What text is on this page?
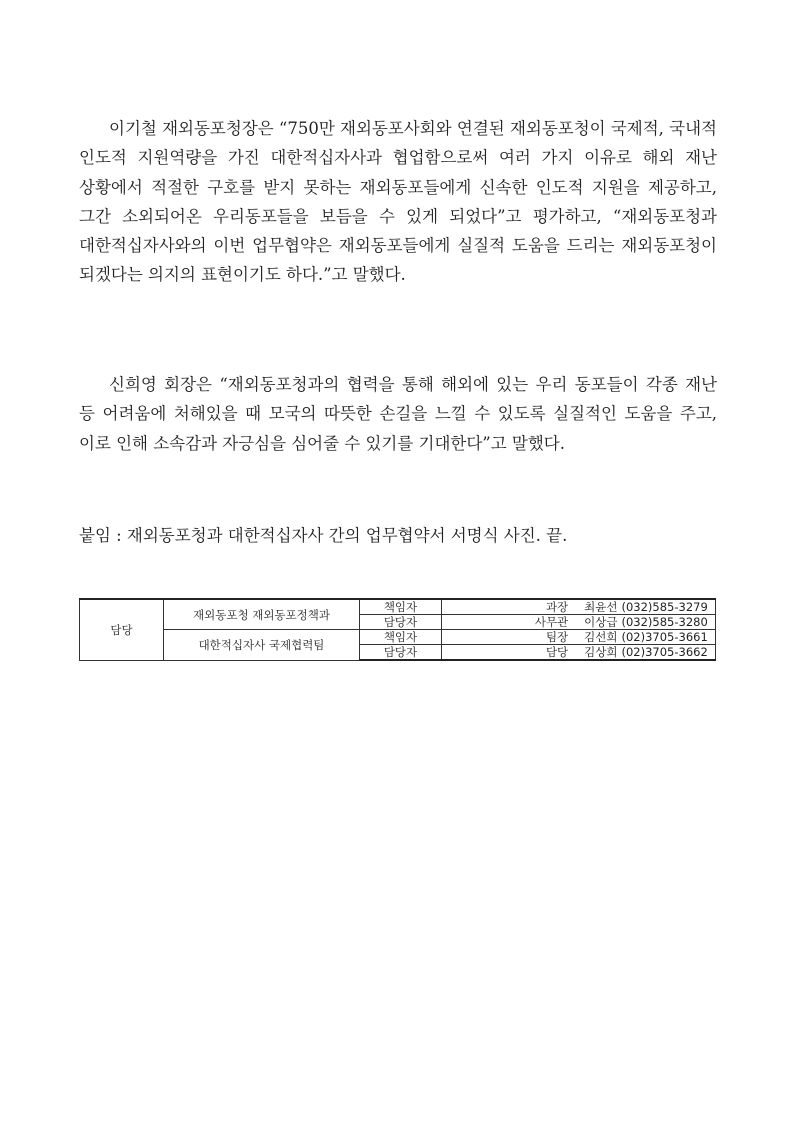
이기철 재외동포청장은 “750만 재외동포사회와 연결된 재외동포청이 국제적, 국내적 인도적 지원역량을 가진 대한적십자사과 협업함으로써 여러 가지 이유로 해외 재난 상황에서 적절한 구호를 받지 못하는 재외동포들에게 신속한 인도적 지원을 제공하고, 그간 소외되어온 우리동포들을 보듬을 수 있게 되었다”고 평가하고, “재외동포청과 대한적십자사와의 이번 업무협약은 재외동포들에게 실질적 도움을 드리는 재외동포청이 되겠다는 의지의 표현이기도 하다.”고 말했다.

신희영 회장은 “재외동포청과의 협력을 통해 해외에 있는 우리 동포들이 각종 재난 등 어려움에 처해있을 때 모국의 따뜻한 손길을 느낄 수 있도록 실질적인 도움을 주고, 이로 인해 소속감과 자긍심을 심어줄 수 있기를 기대한다”고 말했다.

붙임 : 재외동포청과 대한적십자사 간의 업무협약서 서명식 사진. 끝.

담당	재외동포청 재외동포정책과	책임자	과장 최윤선	(032)585-3279
		담당자	사무관 이상급	(032)585-3280
	대한적십자사 국제협력팀	책임자	팀장 김선희	(02)3705-3661
		담당자	담당 김상희	(02)3705-3662
